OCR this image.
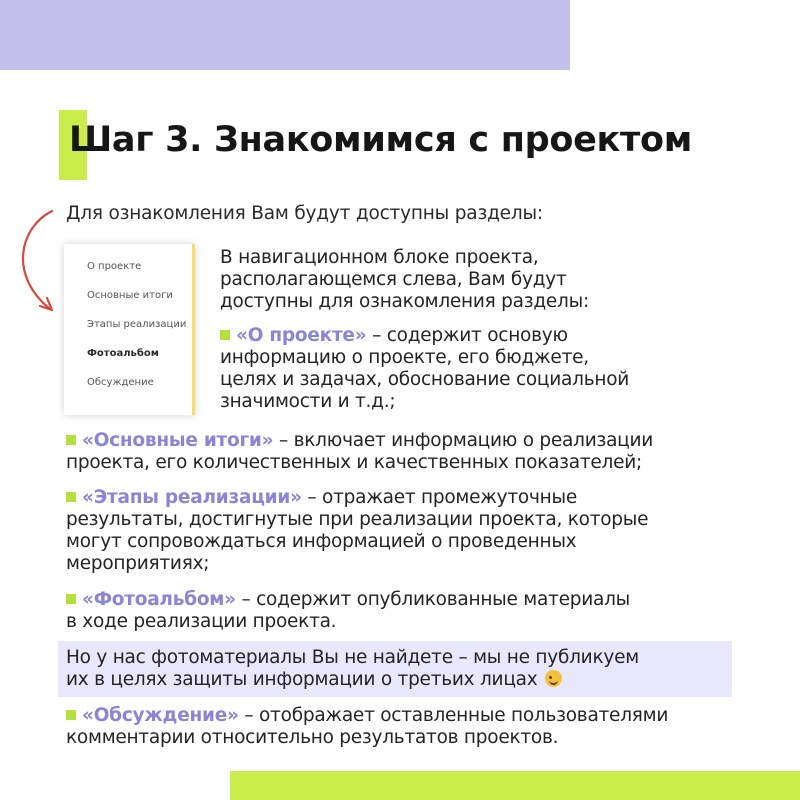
Шаг 3. Знакомимся с проектом
Для ознакомления Вам будут доступны разделы:
О проекте
Основные итоги
Этапы реализации
Фотоальбом
Обсуждение
В навигационном блоке проекта,
располагающемся слева, Вам будут
доступны для ознакомления разделы:
«О проекте» – содержит основую
информацию о проекте, его бюджете,
целях и задачах, обоснование социальной
значимости и т.д.;
«Основные итоги» – включает информацию о реализации
проекта, его количественных и качественных показателей;
«Этапы реализации» – отражает промежуточные
результаты, достигнутые при реализации проекта, которые
могут сопровождаться информацией о проведенных
мероприятиях;
«Фотоальбом» – содержит опубликованные материалы
в ходе реализации проекта.
Но у нас фотоматериалы Вы не найдете – мы не публикуем
их в целях защиты информации о третьих лицах
«Обсуждение» – отображает оставленные пользователями
комментарии относительно результатов проектов.
